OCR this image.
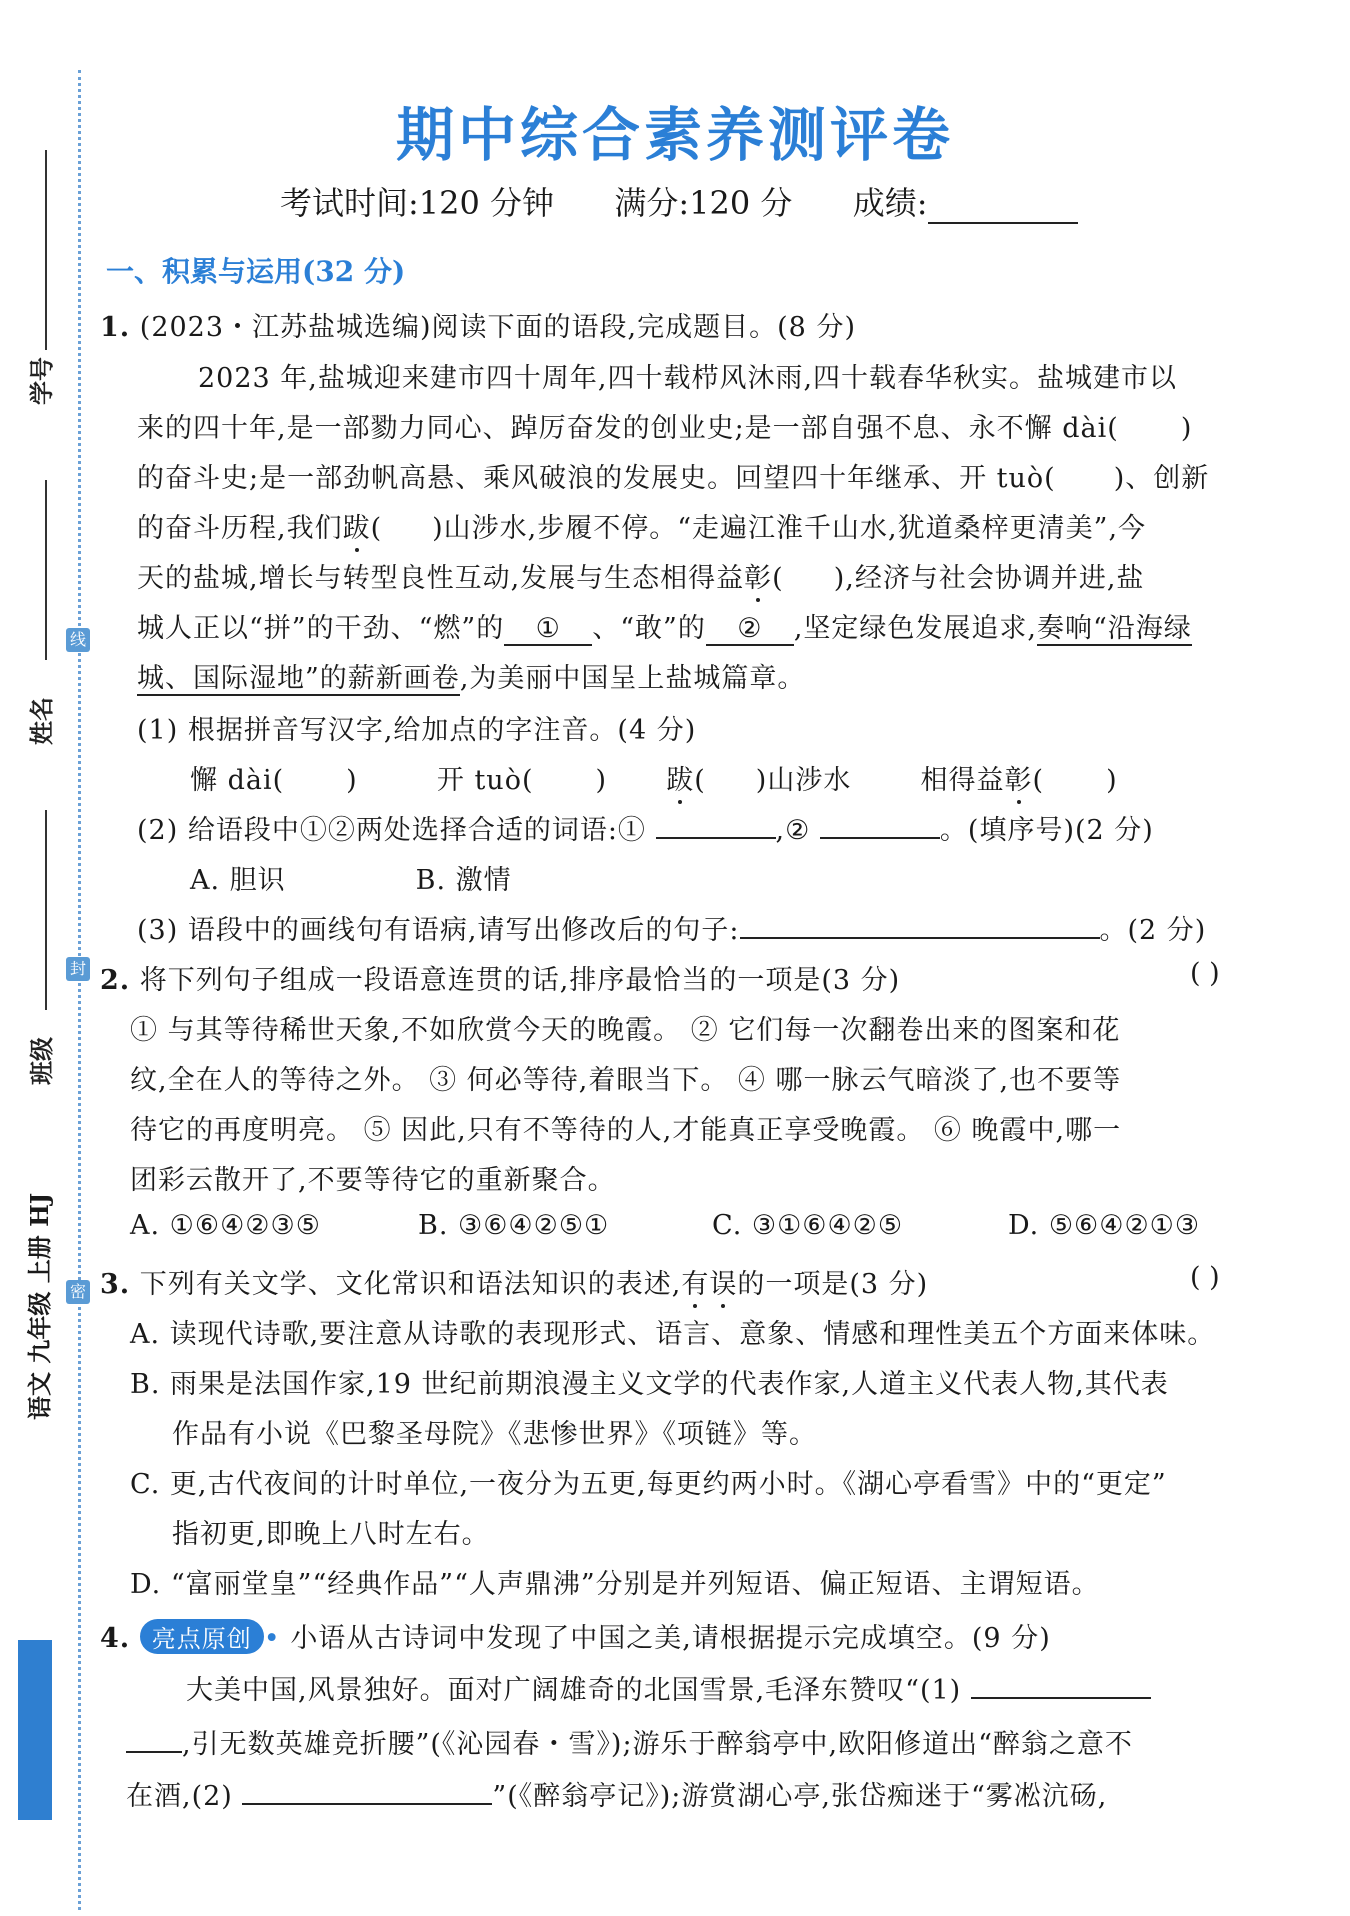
学号
线
姓名
封
班级
密
语文 九年级 上册 HJ
期中综合素养测评卷
考试时间:120 分钟 满分:120 分 成绩:
一、积累与运用(32 分)
1. (2023・江苏盐城选编)阅读下面的语段,完成题目。(8 分)
2023 年,盐城迎来建市四十周年,四十载栉风沐雨,四十载春华秋实。盐城建市以
来的四十年,是一部勠力同心、踔厉奋发的创业史;是一部自强不息、永不懈 dài( )
的奋斗史;是一部劲帆高悬、乘风破浪的发展史。回望四十年继承、开 tuò( )、创新
的奋斗历程,我们跋( )山涉水,步履不停。“走遍江淮千山水,犹道桑梓更清美”,今
天的盐城,增长与转型良性互动,发展与生态相得益彰( ),经济与社会协调并进,盐
城人正以“拼”的干劲、“燃”的 ① 、“敢”的 ② ,坚定绿色发展追求,奏响“沿海绿
城、国际湿地”的薪新画卷,为美丽中国呈上盐城篇章。
(1) 根据拼音写汉字,给加点的字注音。(4 分)
懈 dài( )	开 tuò( ) 跋( )山涉水	相得益彰( )
(2) 给语段中①②两处选择合适的词语:①	,②	。(填序号)(2 分)
A. 胆识	B. 激情
(3) 语段中的画线句有语病,请写出修改后的句子:	。(2 分)
2. 将下列句子组成一段语意连贯的话,排序最恰当的一项是(3 分)	( )
① 与其等待稀世天象,不如欣赏今天的晚霞。 ② 它们每一次翻卷出来的图案和花
纹,全在人的等待之外。 ③ 何必等待,着眼当下。 ④ 哪一脉云气暗淡了,也不要等
待它的再度明亮。 ⑤ 因此,只有不等待的人,才能真正享受晚霞。 ⑥ 晚霞中,哪一
团彩云散开了,不要等待它的重新聚合。
A. ①⑥④②③⑤	B. ③⑥④②⑤①	C. ③①⑥④②⑤	D. ⑤⑥④②①③
3. 下列有关文学、文化常识和语法知识的表述,有误的一项是(3 分)	( )
A. 读现代诗歌,要注意从诗歌的表现形式、语言、意象、情感和理性美五个方面来体味。
B. 雨果是法国作家,19 世纪前期浪漫主义文学的代表作家,人道主义代表人物,其代表
作品有小说《巴黎圣母院》《悲惨世界》《项链》等。
C. 更,古代夜间的计时单位,一夜分为五更,每更约两小时。《湖心亭看雪》中的“更定”
指初更,即晚上八时左右。
D. “富丽堂皇”“经典作品”“人声鼎沸”分别是并列短语、偏正短语、主谓短语。
4. 亮点原创 • 小语从古诗词中发现了中国之美,请根据提示完成填空。(9 分)
大美中国,风景独好。面对广阔雄奇的北国雪景,毛泽东赞叹“(1)
,引无数英雄竞折腰”(《沁园春・雪》);游乐于醉翁亭中,欧阳修道出“醉翁之意不
在酒,(2)	”(《醉翁亭记》);游赏湖心亭,张岱痴迷于“雾凇沆砀,
